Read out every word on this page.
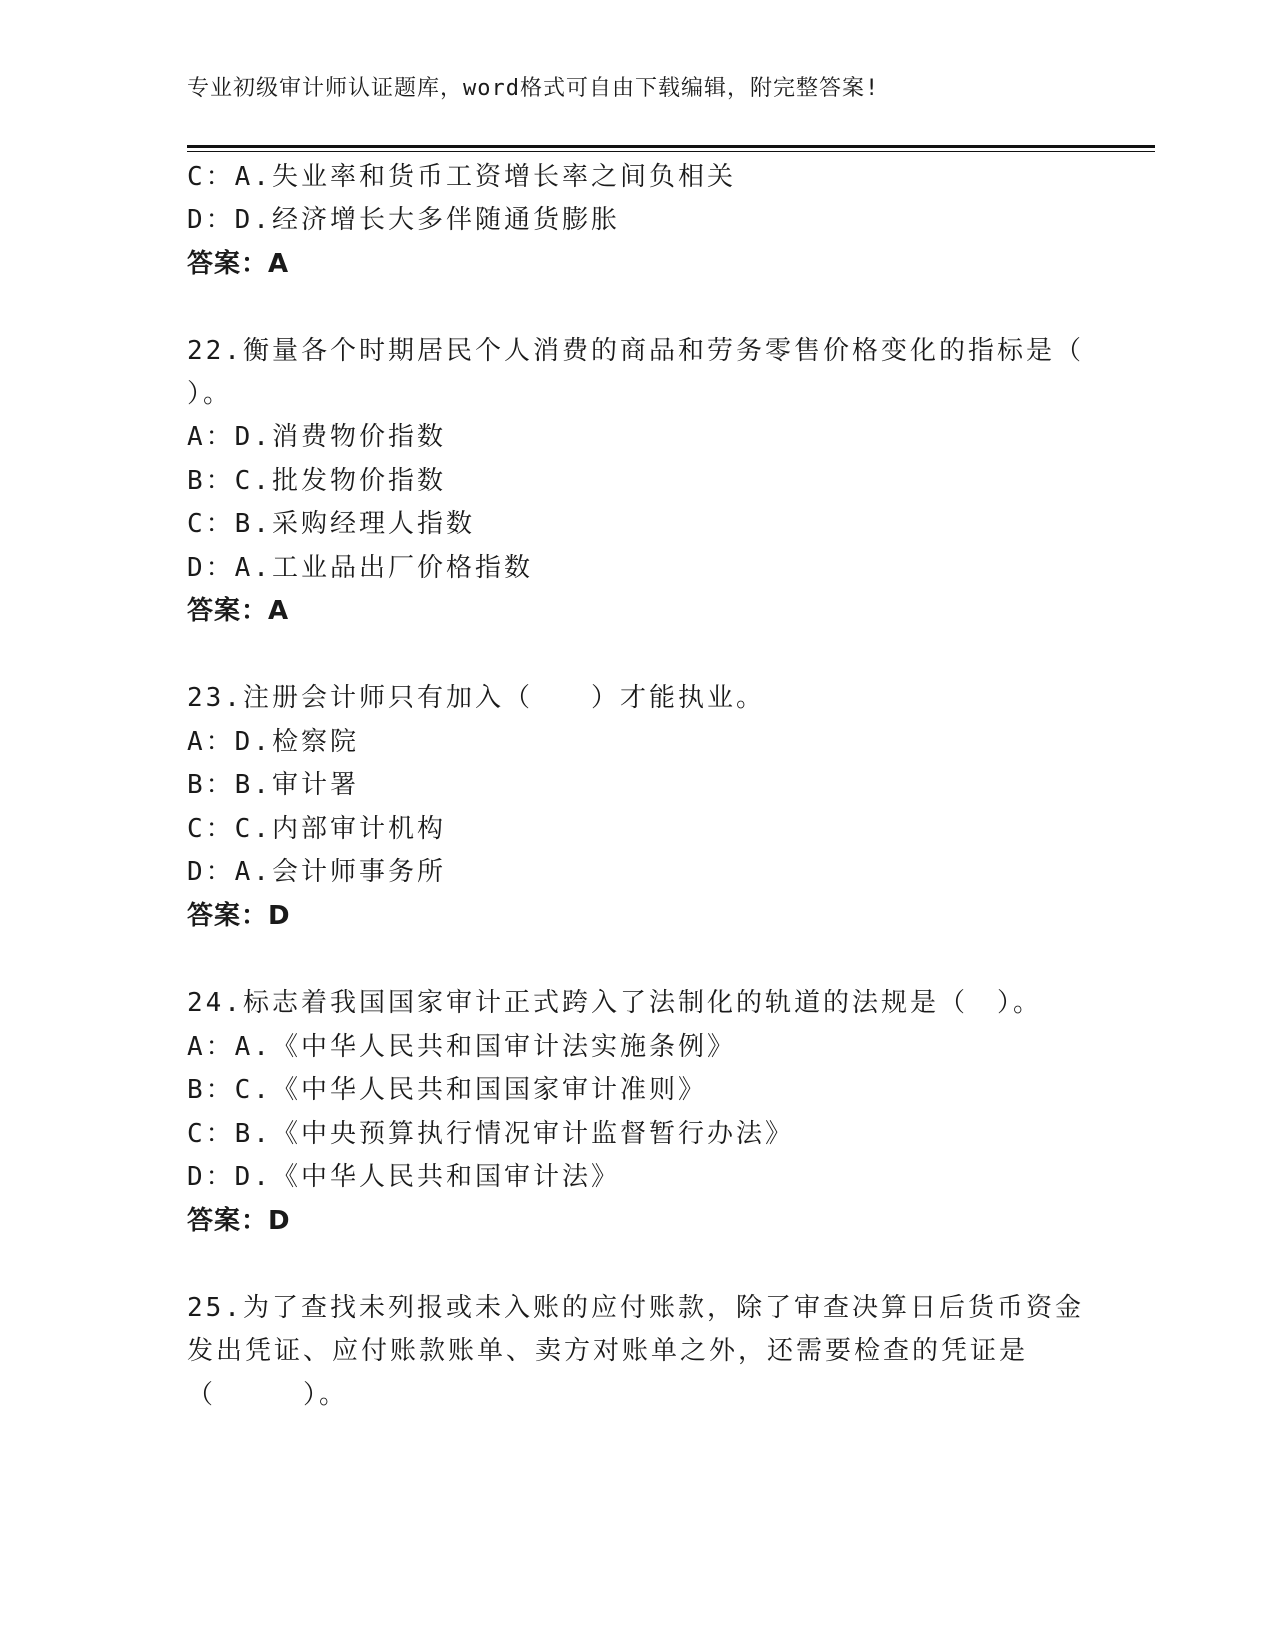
专业初级审计师认证题库，word格式可自由下载编辑，附完整答案!
C：A.失业率和货币工资增长率之间负相关
D：D.经济增长大多伴随通货膨胀
答案：A
22.衡量各个时期居民个人消费的商品和劳务零售价格变化的指标是（
）。
A：D.消费物价指数
B：C.批发物价指数
C：B.采购经理人指数
D：A.工业品出厂价格指数
答案：A
23.注册会计师只有加入（　　）才能执业。
A：D.检察院
B：B.审计署
C：C.内部审计机构
D：A.会计师事务所
答案：D
24.标志着我国国家审计正式跨入了法制化的轨道的法规是（　）。
A：A.《中华人民共和国审计法实施条例》
B：C.《中华人民共和国国家审计准则》
C：B.《中央预算执行情况审计监督暂行办法》
D：D.《中华人民共和国审计法》
答案：D
25.为了查找未列报或未入账的应付账款，除了审查决算日后货币资金
发出凭证、应付账款账单、卖方对账单之外，还需要检查的凭证是
（　　　）。
